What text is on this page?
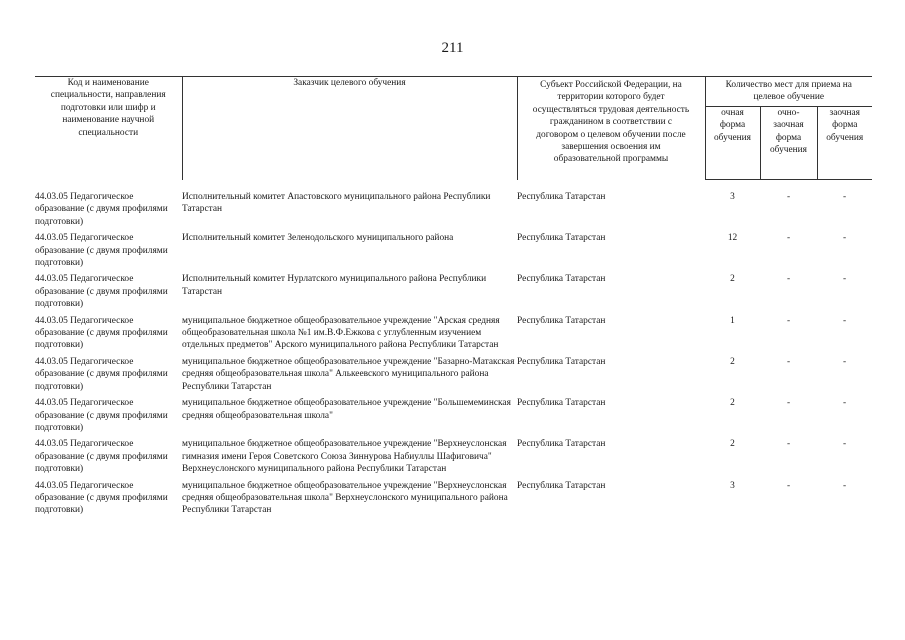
211
Код и наименование специальности, направления подготовки или шифр и наименование научной специальности	Заказчик целевого обучения	Субъект Российской Федерации, на территории которого будет осуществляться трудовая деятельность гражданином в соответствии с договором о целевом обучении после завершения освоения им образовательной программы	Количество мест для приема на целевое обучение		
			очная форма обучения	очно-заочная форма обучения	заочная форма обучения

44.03.05 Педагогическое образование (с двумя профилями подготовки)	Исполнительный комитет Апастовского муниципального района Республики Татарстан	Республика Татарстан	3	-	-

44.03.05 Педагогическое образование (с двумя профилями подготовки)	Исполнительный комитет Зеленодольского муниципального района	Республика Татарстан	12	-	-

44.03.05 Педагогическое образование (с двумя профилями подготовки)	Исполнительный комитет Нурлатского муниципального района Республики Татарстан	Республика Татарстан	2	-	-

44.03.05 Педагогическое образование (с двумя профилями подготовки)	муниципальное бюджетное общеобразовательное учреждение "Арская средняя общеобразовательная школа №1 им.В.Ф.Ежкова с углубленным изучением отдельных предметов" Арского муниципального района Республики Татарстан	Республика Татарстан	1	-	-

44.03.05 Педагогическое образование (с двумя профилями подготовки)	муниципальное бюджетное общеобразовательное учреждение "Базарно-Матакская средняя общеобразовательная школа" Алькеевского муниципального района Республики Татарстан	Республика Татарстан	2	-	-

44.03.05 Педагогическое образование (с двумя профилями подготовки)	муниципальное бюджетное общеобразовательное учреждение "Большемеминская средняя общеобразовательная школа"	Республика Татарстан	2	-	-

44.03.05 Педагогическое образование (с двумя профилями подготовки)	муниципальное бюджетное общеобразовательное учреждение "Верхнеуслонская гимназия имени Героя Советского Союза Зиннурова Набиуллы Шафиговича" Верхнеуслонского муниципального района Республики Татарстан	Республика Татарстан	2	-	-

44.03.05 Педагогическое образование (с двумя профилями подготовки)	муниципальное бюджетное общеобразовательное учреждение "Верхнеуслонская средняя общеобразовательная школа" Верхнеуслонского муниципального района Республики Татарстан	Республика Татарстан	3	-	-
